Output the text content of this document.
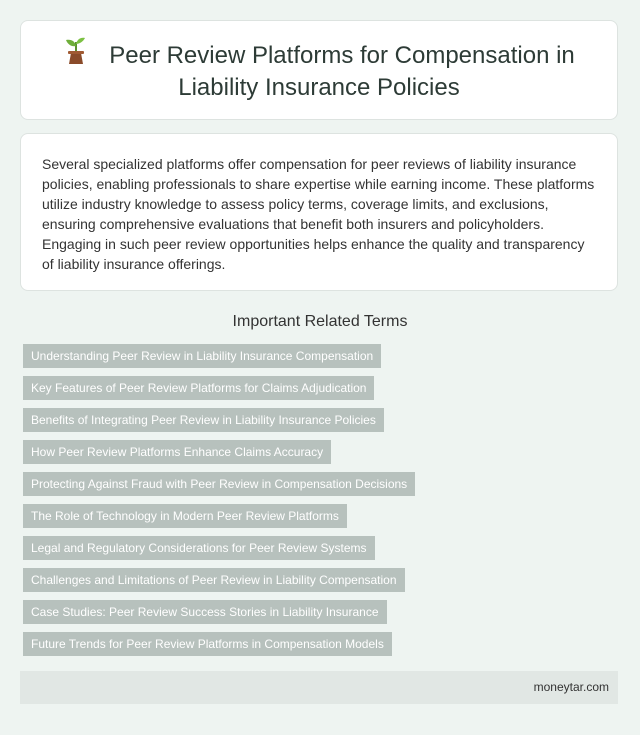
Peer Review Platforms for Compensation in Liability Insurance Policies

Several specialized platforms offer compensation for peer reviews of liability insurance policies, enabling professionals to share expertise while earning income. These platforms utilize industry knowledge to assess policy terms, coverage limits, and exclusions, ensuring comprehensive evaluations that benefit both insurers and policyholders. Engaging in such peer review opportunities helps enhance the quality and transparency of liability insurance offerings.

Important Related Terms
Understanding Peer Review in Liability Insurance Compensation
Key Features of Peer Review Platforms for Claims Adjudication
Benefits of Integrating Peer Review in Liability Insurance Policies
How Peer Review Platforms Enhance Claims Accuracy
Protecting Against Fraud with Peer Review in Compensation Decisions
The Role of Technology in Modern Peer Review Platforms
Legal and Regulatory Considerations for Peer Review Systems
Challenges and Limitations of Peer Review in Liability Compensation
Case Studies: Peer Review Success Stories in Liability Insurance
Future Trends for Peer Review Platforms in Compensation Models
moneytar.com
